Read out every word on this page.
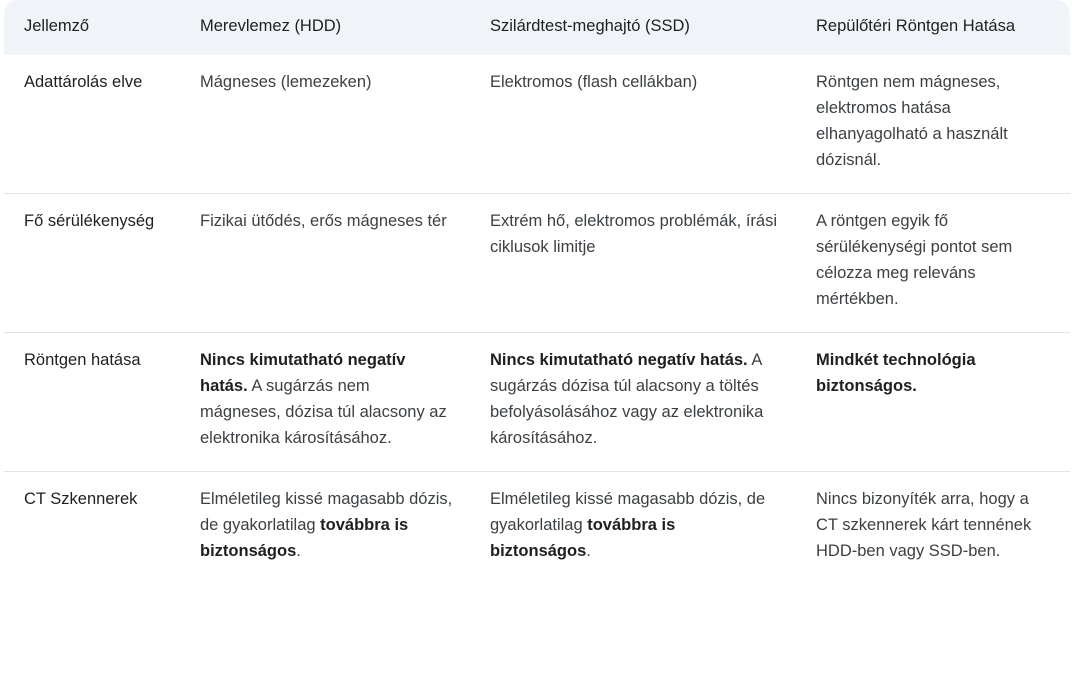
Jellemző	Merevlemez (HDD)	Szilárdtest-meghajtó (SSD)	Repülőtéri Röntgen Hatása
Adattárolás elve	Mágneses (lemezeken)	Elektromos (flash cellákban)	Röntgen nem mágneses, elektromos hatása elhanyagolható a használt dózisnál.
Fő sérülékenység	Fizikai ütődés, erős mágneses tér	Extrém hő, elektromos problémák, írási ciklusok limitje	A röntgen egyik fő sérülékenységi pontot sem célozza meg releváns mértékben.
Röntgen hatása	Nincs kimutatható negatív hatás. A sugárzás nem mágneses, dózisa túl alacsony az elektronika károsításához.	Nincs kimutatható negatív hatás. A sugárzás dózisa túl alacsony a töltés befolyásolásához vagy az elektronika károsításához.	Mindkét technológia biztonságos.
CT Szkennerek	Elméletileg kissé magasabb dózis, de gyakorlatilag továbbra is biztonságos.	Elméletileg kissé magasabb dózis, de gyakorlatilag továbbra is biztonságos.	Nincs bizonyíték arra, hogy a CT szkennerek kárt tennének HDD-ben vagy SSD-ben.
